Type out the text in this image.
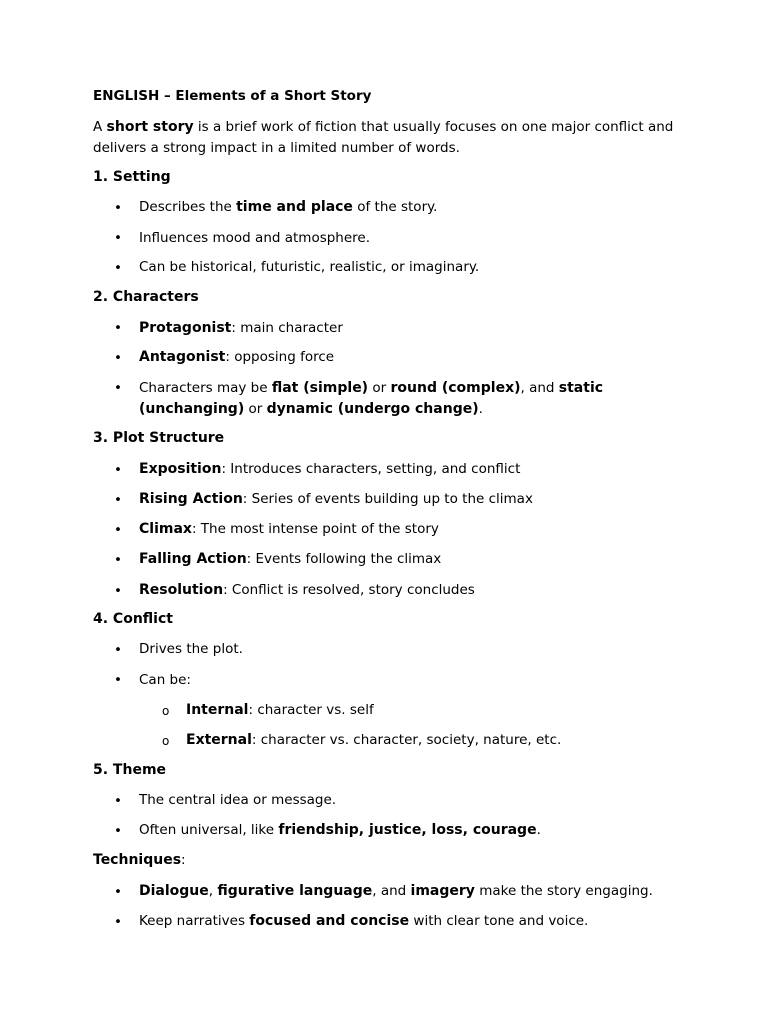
ENGLISH – Elements of a Short Story
A short story is a brief work of fiction that usually focuses on one major conflict and delivers a strong impact in a limited number of words.
1. Setting
• Describes the time and place of the story.
• Influences mood and atmosphere.
• Can be historical, futuristic, realistic, or imaginary.
2. Characters
• Protagonist: main character
• Antagonist: opposing force
• Characters may be flat (simple) or round (complex), and static (unchanging) or dynamic (undergo change).
3. Plot Structure
• Exposition: Introduces characters, setting, and conflict
• Rising Action: Series of events building up to the climax
• Climax: The most intense point of the story
• Falling Action: Events following the climax
• Resolution: Conflict is resolved, story concludes
4. Conflict
• Drives the plot.
• Can be:
o Internal: character vs. self
o External: character vs. character, society, nature, etc.
5. Theme
• The central idea or message.
• Often universal, like friendship, justice, loss, courage.
Techniques:
• Dialogue, figurative language, and imagery make the story engaging.
• Keep narratives focused and concise with clear tone and voice.
